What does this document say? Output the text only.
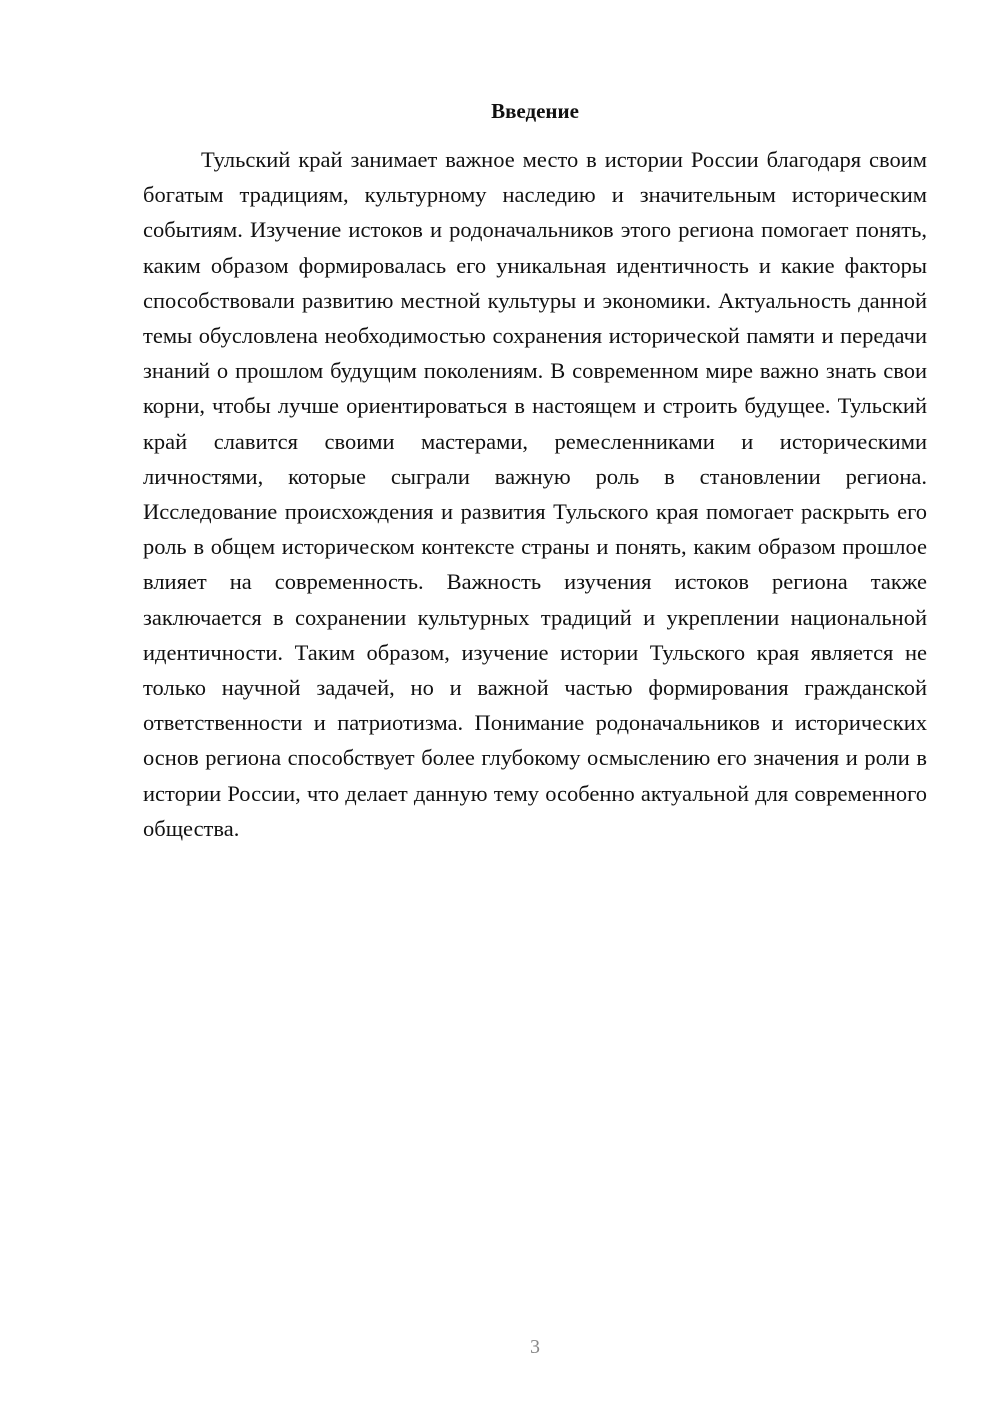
Введение

Тульский край занимает важное место в истории России благодаря своим богатым традициям, культурному наследию и значительным историческим событиям. Изучение истоков и родоначальников этого региона помогает понять, каким образом формировалась его уникальная идентичность и какие факторы способствовали развитию местной культуры и экономики. Актуальность данной темы обусловлена необходимостью сохранения исторической памяти и передачи знаний о прошлом будущим поколениям. В современном мире важно знать свои корни, чтобы лучше ориентироваться в настоящем и строить будущее. Тульский край славится своими мастерами, ремесленниками и историческими личностями, которые сыграли важную роль в становлении региона. Исследование происхождения и развития Тульского края помогает раскрыть его роль в общем историческом контексте страны и понять, каким образом прошлое влияет на современность. Важность изучения истоков региона также заключается в сохранении культурных традиций и укреплении национальной идентичности. Таким образом, изучение истории Тульского края является не только научной задачей, но и важной частью формирования гражданской ответственности и патриотизма. Понимание родоначальников и исторических основ региона способствует более глубокому осмыслению его значения и роли в истории России, что делает данную тему особенно актуальной для современного общества.

3
